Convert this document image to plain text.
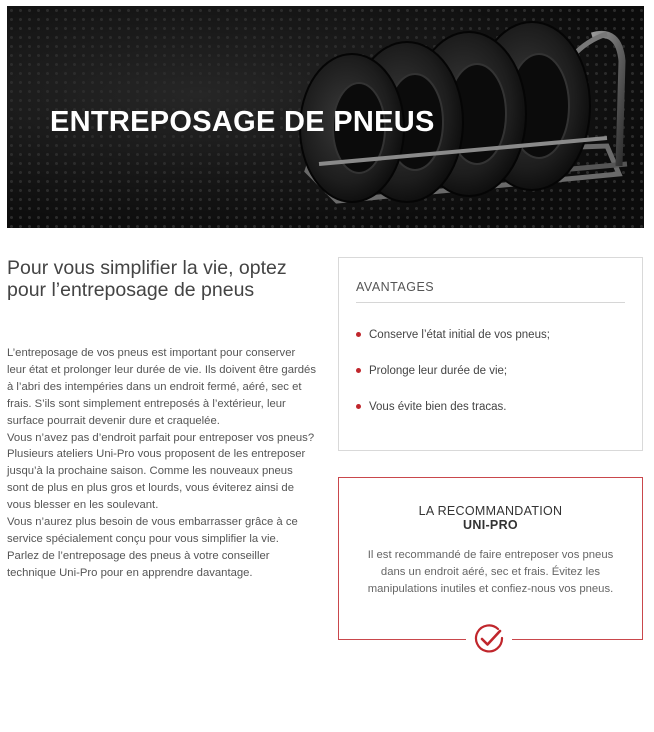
ENTREPOSAGE DE PNEUS
Pour vous simplifier la vie, optez pour l’entreposage de pneus

L’entreposage de vos pneus est important pour conserver leur état et prolonger leur durée de vie. Ils doivent être gardés à l’abri des intempéries dans un endroit fermé, aéré, sec et frais. S’ils sont simplement entreposés à l’extérieur, leur surface pourrait devenir dure et craquelée.

Vous n’avez pas d’endroit parfait pour entreposer vos pneus? Plusieurs ateliers Uni-Pro vous proposent de les entreposer jusqu’à la prochaine saison. Comme les nouveaux pneus sont de plus en plus gros et lourds, vous éviterez ainsi de vous blesser en les soulevant.

Vous n’aurez plus besoin de vous embarrasser grâce à ce service spécialement conçu pour vous simplifier la vie.

Parlez de l’entreposage des pneus à votre conseiller technique Uni-Pro pour en apprendre davantage.

AVANTAGES
Conserve l’état initial de vos pneus;
Prolonge leur durée de vie;
Vous évite bien des tracas.
LA RECOMMANDATION
UNI-PRO

Il est recommandé de faire entreposer vos pneus dans un endroit aéré, sec et frais. Évitez les manipulations inutiles et confiez-nous vos pneus.
